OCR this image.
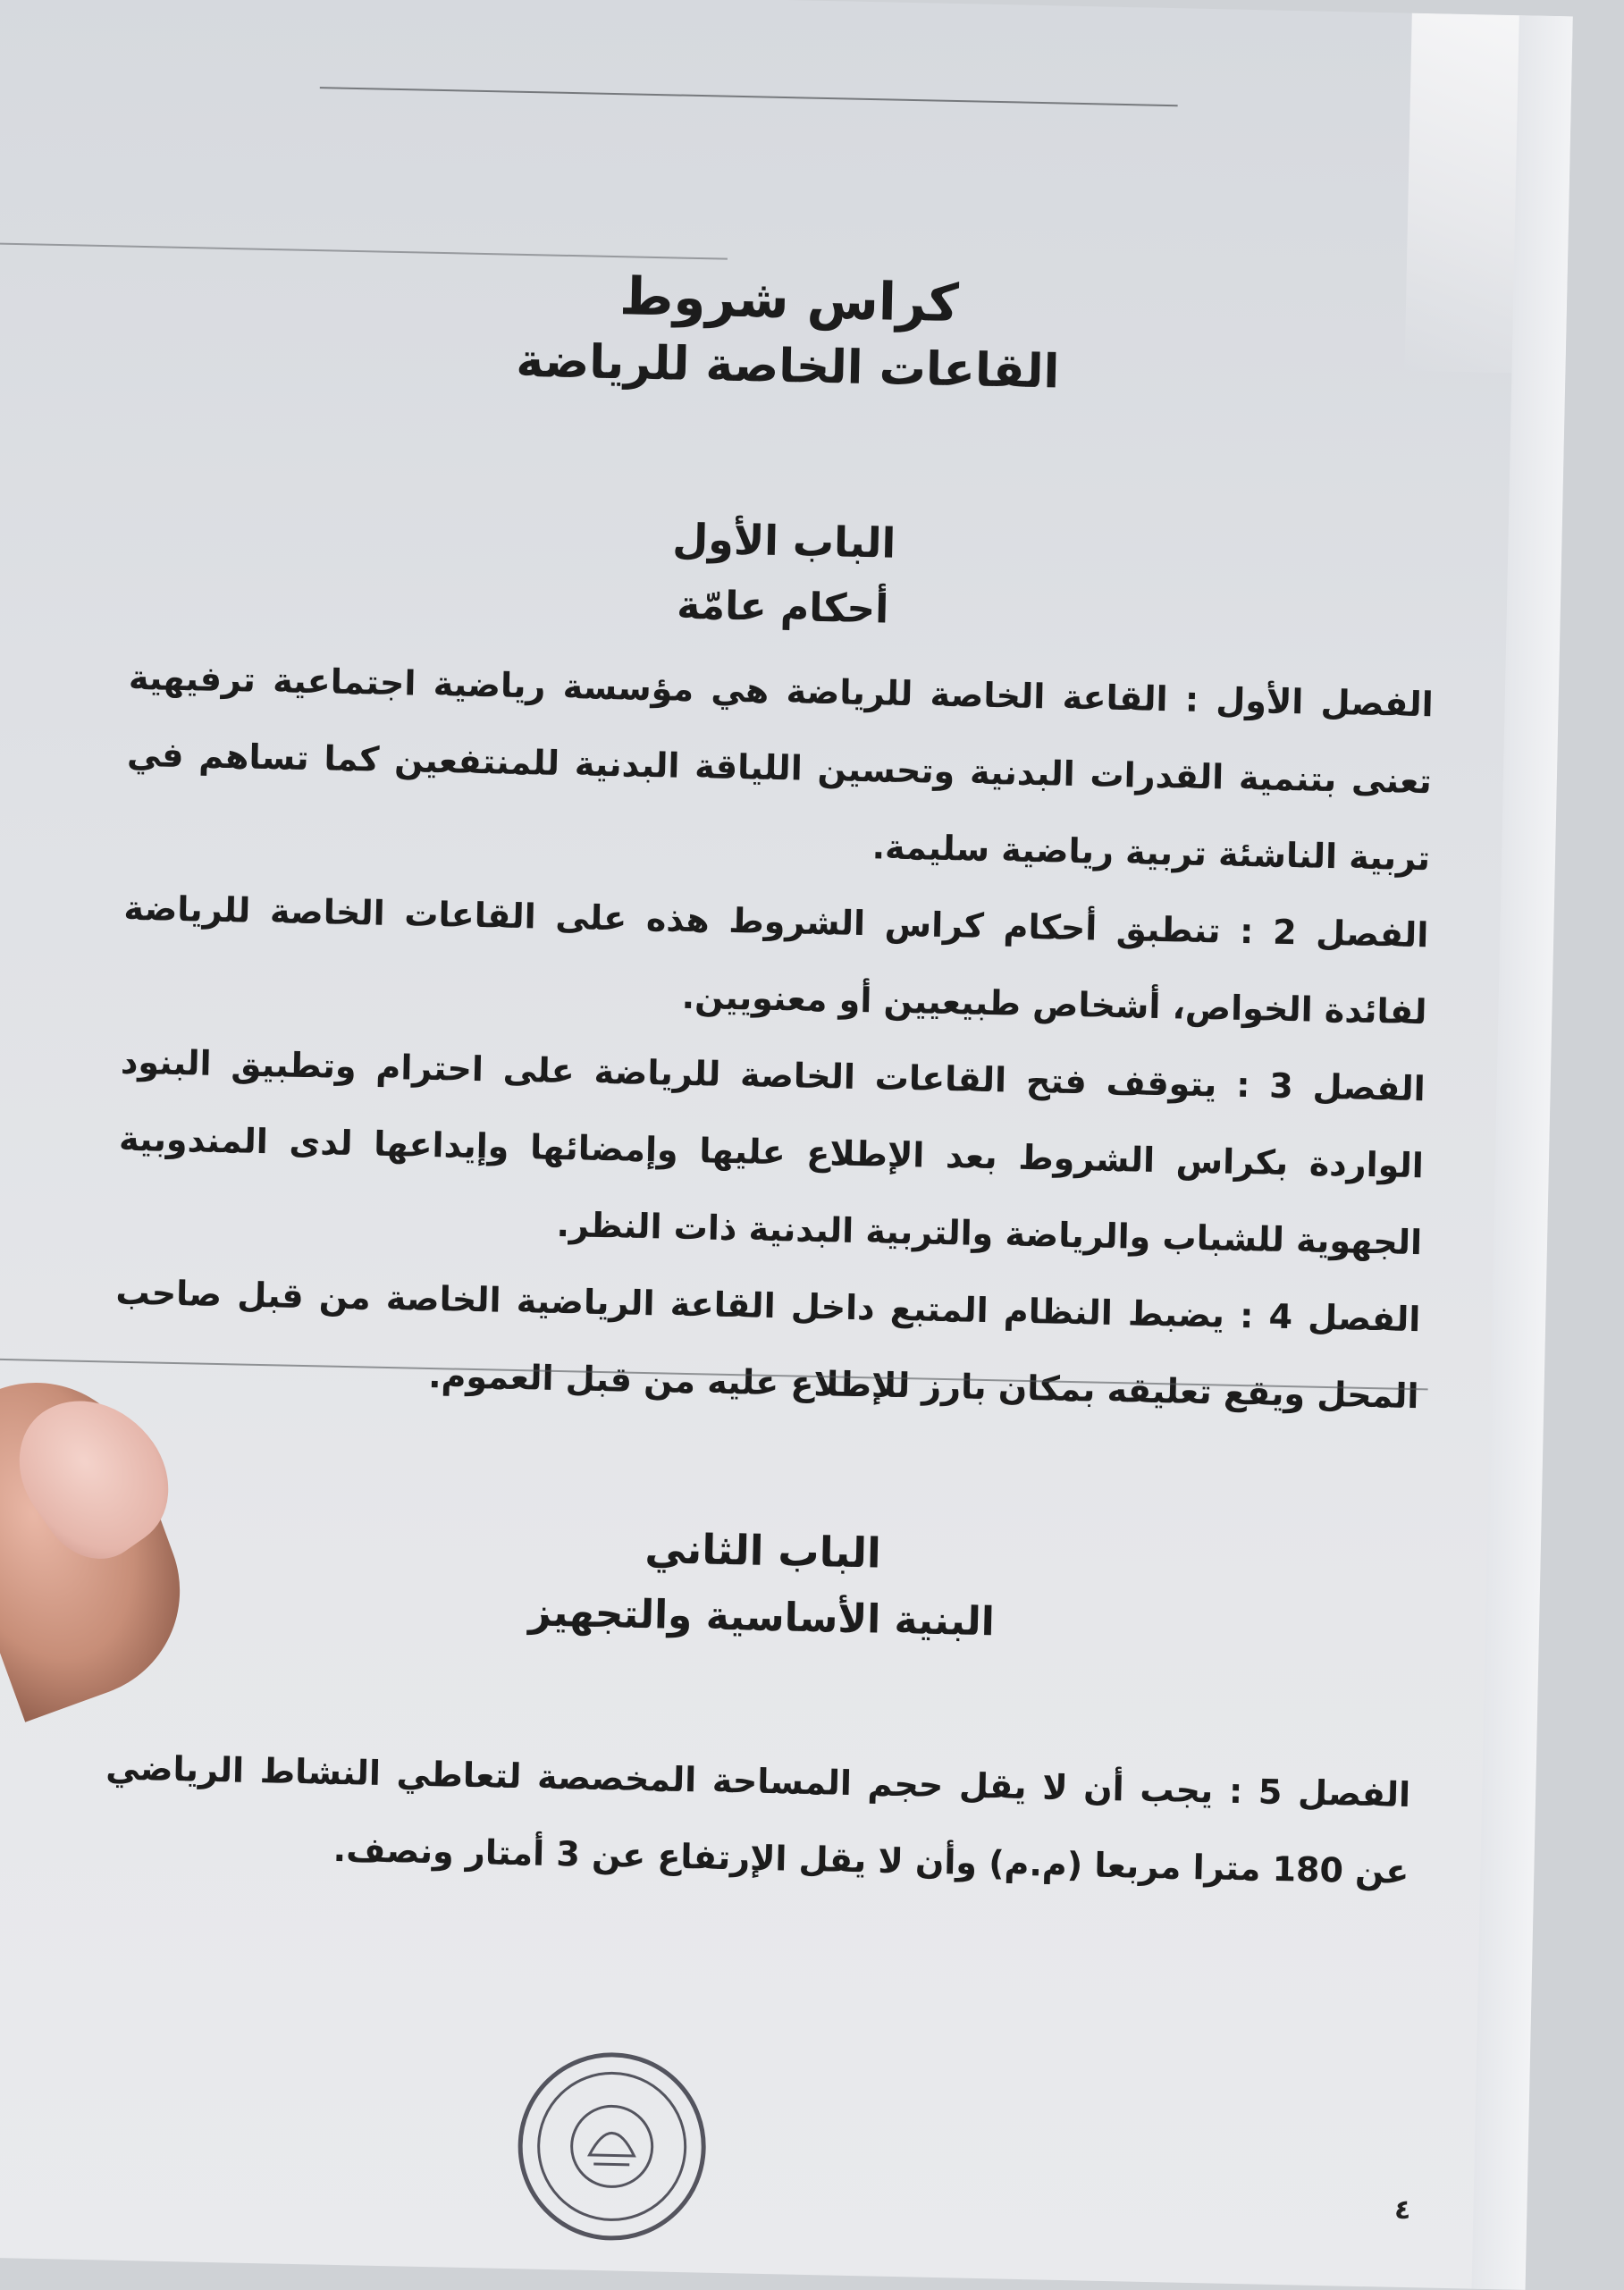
كراس شروط
القاعات الخاصة للرياضة
الباب الأول
أحكام عامّة

الفصل الأول : القاعة الخاصة للرياضة هي مؤسسة رياضية اجتماعية ترفيهية تعنى بتنمية القدرات البدنية وتحسين اللياقة البدنية للمنتفعين كما تساهم في تربية الناشئة تربية رياضية سليمة.

الفصل 2 : تنطبق أحكام كراس الشروط هذه على القاعات الخاصة للرياضة لفائدة الخواص، أشخاص طبيعيين أو معنويين.

الفصل 3 : يتوقف فتح القاعات الخاصة للرياضة على احترام وتطبيق البنود الواردة بكراس الشروط بعد الإطلاع عليها وإمضائها وإيداعها لدى المندوبية الجهوية للشباب والرياضة والتربية البدنية ذات النظر.

الفصل 4 : يضبط النظام المتبع داخل القاعة الرياضية الخاصة من قبل صاحب المحل ويقع تعليقه بمكان بارز للإطلاع عليه من قبل العموم.

الباب الثاني
البنية الأساسية والتجهيز

الفصل 5 : يجب أن لا يقل حجم المساحة المخصصة لتعاطي النشاط الرياضي عن 180 مترا مربعا (م.م) وأن لا يقل الإرتفاع عن 3 أمتار ونصف.

٤
